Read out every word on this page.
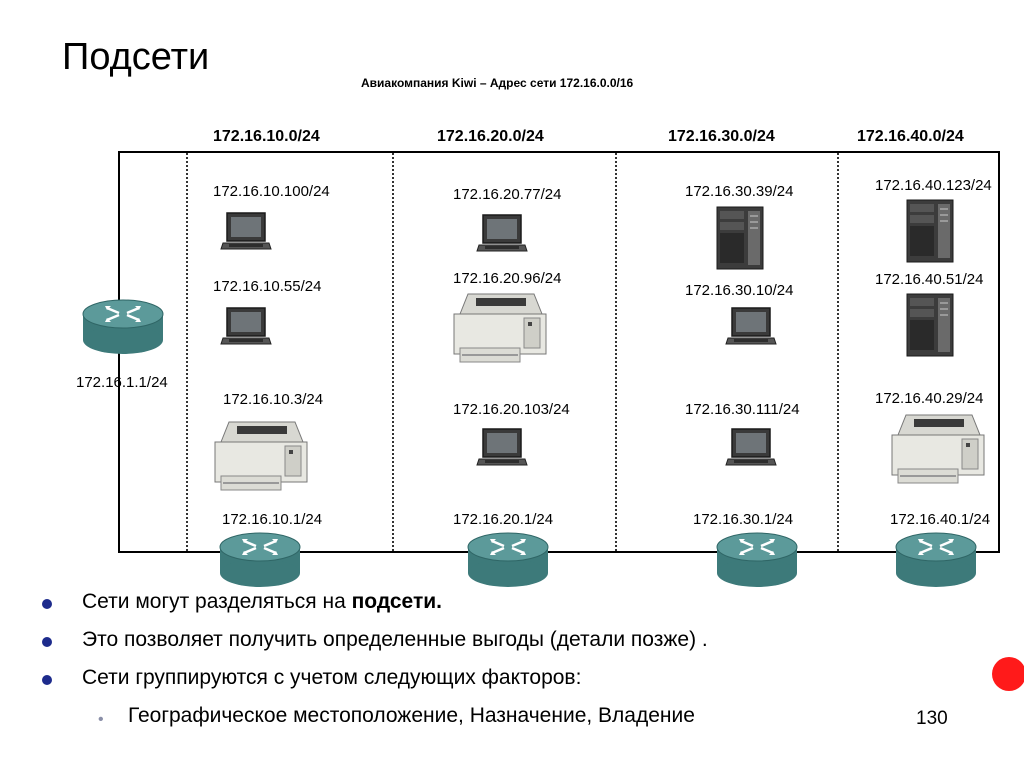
Подсети
Авиакомпания Kiwi – Адрес сети 172.16.0.0/16
172.16.10.0/24	172.16.20.0/24	172.16.30.0/24	172.16.40.0/24
172.16.1.1/24
172.16.10.100/24
172.16.10.55/24
172.16.10.3/24
172.16.10.1/24
172.16.20.77/24
172.16.20.96/24
172.16.20.103/24
172.16.20.1/24
172.16.30.39/24
172.16.30.10/24
172.16.30.111/24
172.16.30.1/24
172.16.40.123/24
172.16.40.51/24
172.16.40.29/24
172.16.40.1/24
Сети могут разделяться на подсети.
Это позволяет получить определенные выгоды (детали позже) .
Сети группируются с учетом следующих факторов:
• Географическое местоположение, Назначение, Владение	130
